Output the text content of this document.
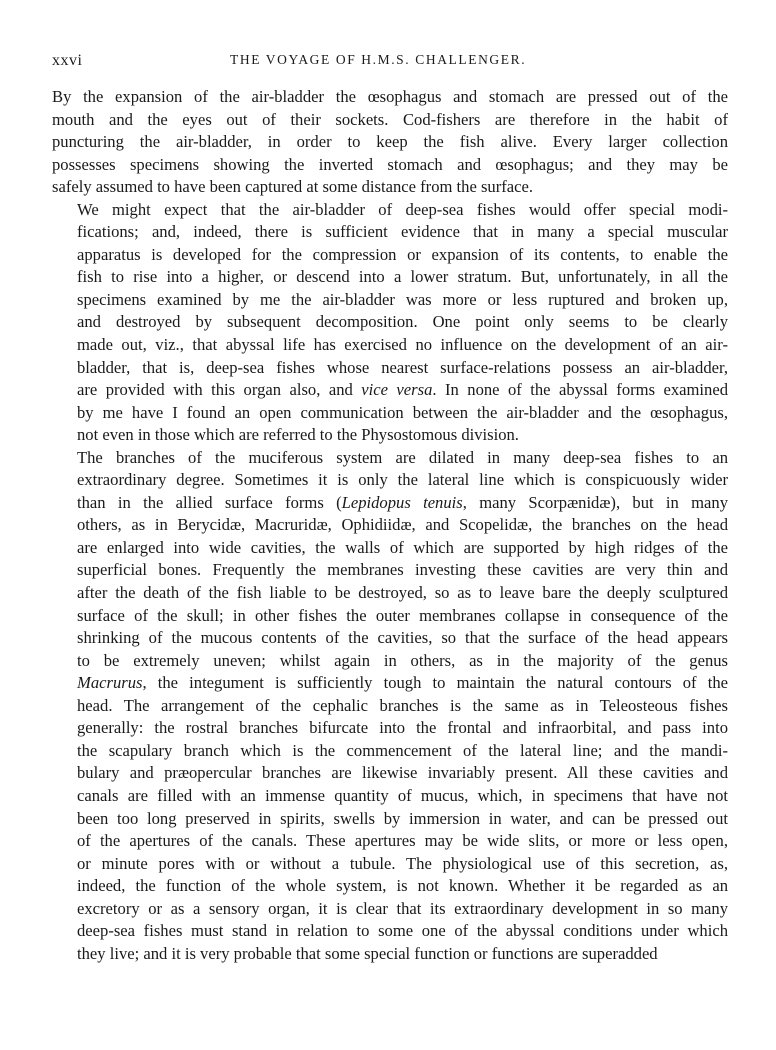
xxvi	THE VOYAGE OF H.M.S. CHALLENGER.

By the expansion of the air-bladder the œsophagus and stomach are pressed out of the
mouth and the eyes out of their sockets. Cod-fishers are therefore in the habit of
puncturing the air-bladder, in order to keep the fish alive. Every larger collection
possesses specimens showing the inverted stomach and œsophagus; and they may be
safely assumed to have been captured at some distance from the surface.

We might expect that the air-bladder of deep-sea fishes would offer special modi-
fications; and, indeed, there is sufficient evidence that in many a special muscular
apparatus is developed for the compression or expansion of its contents, to enable the
fish to rise into a higher, or descend into a lower stratum. But, unfortunately, in all the
specimens examined by me the air-bladder was more or less ruptured and broken up,
and destroyed by subsequent decomposition. One point only seems to be clearly
made out, viz., that abyssal life has exercised no influence on the development of an air-
bladder, that is, deep-sea fishes whose nearest surface-relations possess an air-bladder,
are provided with this organ also, and vice versa. In none of the abyssal forms examined
by me have I found an open communication between the air-bladder and the œsophagus,
not even in those which are referred to the Physostomous division.

The branches of the muciferous system are dilated in many deep-sea fishes to an
extraordinary degree. Sometimes it is only the lateral line which is conspicuously wider
than in the allied surface forms (Lepidopus tenuis, many Scorpænidæ), but in many
others, as in Berycidæ, Macruridæ, Ophidiidæ, and Scopelidæ, the branches on the head
are enlarged into wide cavities, the walls of which are supported by high ridges of the
superficial bones. Frequently the membranes investing these cavities are very thin and
after the death of the fish liable to be destroyed, so as to leave bare the deeply sculptured
surface of the skull; in other fishes the outer membranes collapse in consequence of the
shrinking of the mucous contents of the cavities, so that the surface of the head appears
to be extremely uneven; whilst again in others, as in the majority of the genus
Macrurus, the integument is sufficiently tough to maintain the natural contours of the
head. The arrangement of the cephalic branches is the same as in Teleosteous fishes
generally: the rostral branches bifurcate into the frontal and infraorbital, and pass into
the scapulary branch which is the commencement of the lateral line; and the mandi-
bulary and præopercular branches are likewise invariably present. All these cavities and
canals are filled with an immense quantity of mucus, which, in specimens that have not
been too long preserved in spirits, swells by immersion in water, and can be pressed out
of the apertures of the canals. These apertures may be wide slits, or more or less open,
or minute pores with or without a tubule. The physiological use of this secretion, as,
indeed, the function of the whole system, is not known. Whether it be regarded as an
excretory or as a sensory organ, it is clear that its extraordinary development in so many
deep-sea fishes must stand in relation to some one of the abyssal conditions under which
they live; and it is very probable that some special function or functions are superadded
